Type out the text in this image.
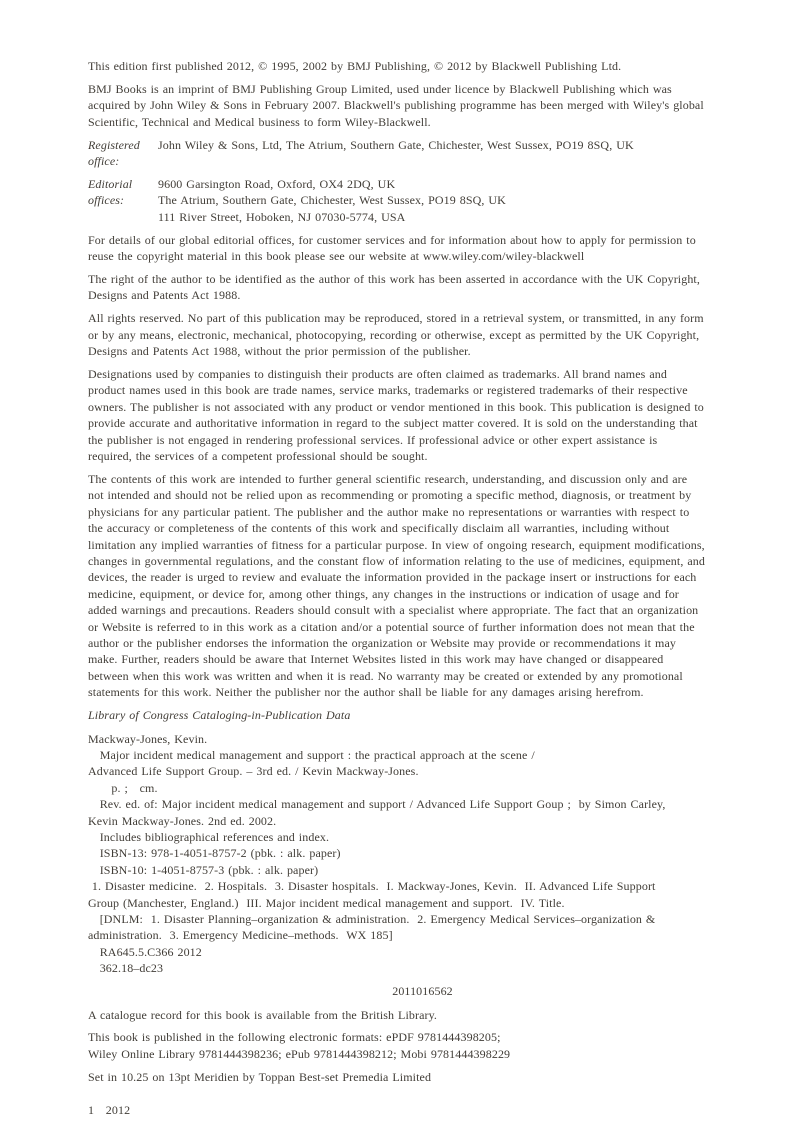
This edition first published 2012, © 1995, 2002 by BMJ Publishing, © 2012 by Blackwell Publishing Ltd.

BMJ Books is an imprint of BMJ Publishing Group Limited, used under licence by Blackwell Publishing which was acquired by John Wiley & Sons in February 2007. Blackwell's publishing programme has been merged with Wiley's global Scientific, Technical and Medical business to form Wiley-Blackwell.

Registered office:
John Wiley & Sons, Ltd, The Atrium, Southern Gate, Chichester, West Sussex, PO19 8SQ, UK
Editorial offices:
9600 Garsington Road, Oxford, OX4 2DQ, UK
The Atrium, Southern Gate, Chichester, West Sussex, PO19 8SQ, UK
111 River Street, Hoboken, NJ 07030-5774, USA

For details of our global editorial offices, for customer services and for information about how to apply for permission to reuse the copyright material in this book please see our website at www.wiley.com/wiley-blackwell

The right of the author to be identified as the author of this work has been asserted in accordance with the UK Copyright, Designs and Patents Act 1988.

All rights reserved. No part of this publication may be reproduced, stored in a retrieval system, or transmitted, in any form or by any means, electronic, mechanical, photocopying, recording or otherwise, except as permitted by the UK Copyright, Designs and Patents Act 1988, without the prior permission of the publisher.

Designations used by companies to distinguish their products are often claimed as trademarks. All brand names and product names used in this book are trade names, service marks, trademarks or registered trademarks of their respective owners. The publisher is not associated with any product or vendor mentioned in this book. This publication is designed to provide accurate and authoritative information in regard to the subject matter covered. It is sold on the understanding that the publisher is not engaged in rendering professional services. If professional advice or other expert assistance is required, the services of a competent professional should be sought.

The contents of this work are intended to further general scientific research, understanding, and discussion only and are not intended and should not be relied upon as recommending or promoting a specific method, diagnosis, or treatment by physicians for any particular patient. The publisher and the author make no representations or warranties with respect to the accuracy or completeness of the contents of this work and specifically disclaim all warranties, including without limitation any implied warranties of fitness for a particular purpose. In view of ongoing research, equipment modifications, changes in governmental regulations, and the constant flow of information relating to the use of medicines, equipment, and devices, the reader is urged to review and evaluate the information provided in the package insert or instructions for each medicine, equipment, or device for, among other things, any changes in the instructions or indication of usage and for added warnings and precautions. Readers should consult with a specialist where appropriate. The fact that an organization or Website is referred to in this work as a citation and/or a potential source of further information does not mean that the author or the publisher endorses the information the organization or Website may provide or recommendations it may make. Further, readers should be aware that Internet Websites listed in this work may have changed or disappeared between when this work was written and when it is read. No warranty may be created or extended by any promotional statements for this work. Neither the publisher nor the author shall be liable for any damages arising herefrom.

Library of Congress Cataloging-in-Publication Data

Mackway-Jones, Kevin.
Major incident medical management and support : the practical approach at the scene /
Advanced Life Support Group. – 3rd ed. / Kevin Mackway-Jones.
p. ;   cm.
Rev. ed. of: Major incident medical management and support / Advanced Life Support Goup ;  by Simon Carley,
Kevin Mackway-Jones. 2nd ed. 2002.
Includes bibliographical references and index.
ISBN-13: 978-1-4051-8757-2 (pbk. : alk. paper)
ISBN-10: 1-4051-8757-3 (pbk. : alk. paper)
1. Disaster medicine.  2. Hospitals.  3. Disaster hospitals.  I. Mackway-Jones, Kevin.  II. Advanced Life Support
Group (Manchester, England.)  III. Major incident medical management and support.  IV. Title.
[DNLM:  1. Disaster Planning–organization & administration.  2. Emergency Medical Services–organization &
administration.  3. Emergency Medicine–methods.  WX 185]
RA645.5.C366 2012
362.18–dc23
2011016562

A catalogue record for this book is available from the British Library.

This book is published in the following electronic formats: ePDF 9781444398205;
Wiley Online Library 9781444398236; ePub 9781444398212; Mobi 9781444398229

Set in 10.25 on 13pt Meridien by Toppan Best-set Premedia Limited

1   2012
